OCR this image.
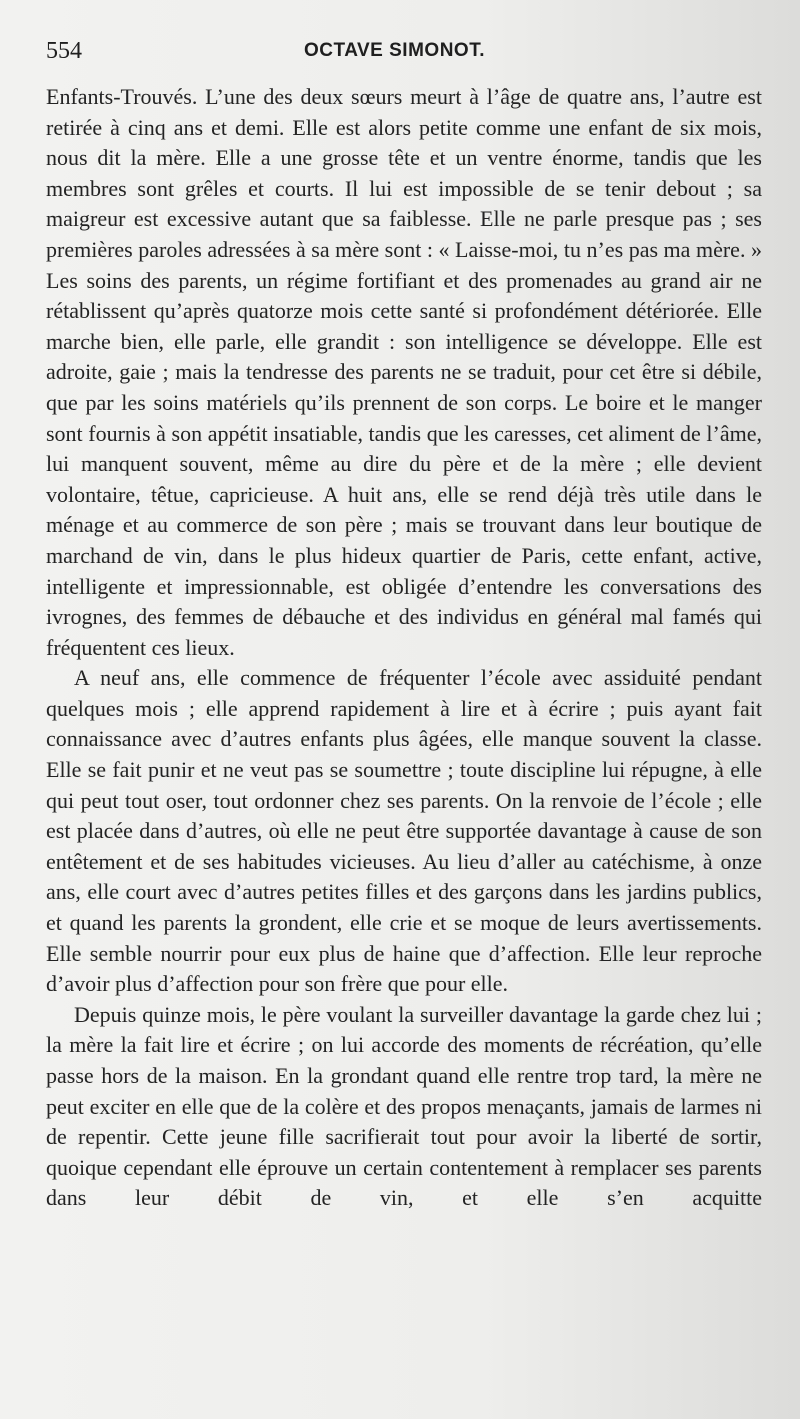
554	OCTAVE SIMONOT.

Enfants-Trouvés. L’une des deux sœurs meurt à l’âge de quatre ans, l’autre est retirée à cinq ans et demi. Elle est alors petite comme une enfant de six mois, nous dit la mère. Elle a une grosse tête et un ventre énorme, tandis que les membres sont grêles et courts. Il lui est impossible de se tenir debout ; sa maigreur est excessive autant que sa faiblesse. Elle ne parle presque pas ; ses premières paroles adressées à sa mère sont : « Laisse-moi, tu n’es pas ma mère. » Les soins des parents, un régime fortifiant et des promenades au grand air ne rétablissent qu’après quatorze mois cette santé si profondément détériorée. Elle marche bien, elle parle, elle grandit : son intelligence se développe. Elle est adroite, gaie ; mais la tendresse des parents ne se traduit, pour cet être si débile, que par les soins matériels qu’ils prennent de son corps. Le boire et le manger sont fournis à son appétit insatiable, tandis que les caresses, cet aliment de l’âme, lui manquent souvent, même au dire du père et de la mère ; elle devient volontaire, têtue, capricieuse. A huit ans, elle se rend déjà très utile dans le ménage et au commerce de son père ; mais se trouvant dans leur boutique de marchand de vin, dans le plus hideux quartier de Paris, cette enfant, active, intelligente et impressionnable, est obligée d’entendre les conversations des ivrognes, des femmes de débauche et des individus en général mal famés qui fréquentent ces lieux.

A neuf ans, elle commence de fréquenter l’école avec assiduité pendant quelques mois ; elle apprend rapidement à lire et à écrire ; puis ayant fait connaissance avec d’autres enfants plus âgées, elle manque souvent la classe. Elle se fait punir et ne veut pas se soumettre ; toute discipline lui répugne, à elle qui peut tout oser, tout ordonner chez ses parents. On la renvoie de l’école ; elle est placée dans d’autres, où elle ne peut être supportée davantage à cause de son entêtement et de ses habitudes vicieuses. Au lieu d’aller au catéchisme, à onze ans, elle court avec d’autres petites filles et des garçons dans les jardins publics, et quand les parents la grondent, elle crie et se moque de leurs avertissements. Elle semble nourrir pour eux plus de haine que d’affection. Elle leur reproche d’avoir plus d’affection pour son frère que pour elle.

Depuis quinze mois, le père voulant la surveiller davantage la garde chez lui ; la mère la fait lire et écrire ; on lui accorde des moments de récréation, qu’elle passe hors de la maison. En la grondant quand elle rentre trop tard, la mère ne peut exciter en elle que de la colère et des propos menaçants, jamais de larmes ni de repentir. Cette jeune fille sacrifierait tout pour avoir la liberté de sortir, quoique cependant elle éprouve un certain contentement à remplacer ses parents dans leur débit de vin, et elle s’en acquitte
